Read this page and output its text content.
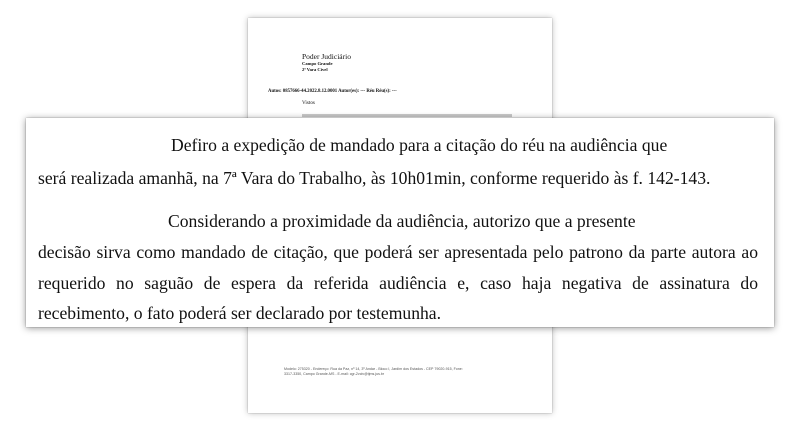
Poder Judiciário
Campo Grande
2ª Vara Cível
Autos: 0857666-44.2022.8.12.0001 Autor(es): --- Réu Réu(s): ---
Vistos
Modelo: 275320 - Endereço: Rua da Paz, nº 14, 3º Andar - Bloco I, Jardim dos Estados - CEP 79020-915, Fone:
3317-3350, Campo Grande-MS - E-mail: cgr-2vciv@tjms.jus.br
Defiro a expedição de mandado para a citação do réu na audiência que
será realizada amanhã, na 7ª Vara do Trabalho, às 10h01min, conforme requerido às f. 142-143.
Considerando a proximidade da audiência, autorizo que a presente
decisão sirva como mandado de citação, que poderá ser apresentada pelo patrono da parte autora ao
requerido no saguão de espera da referida audiência e, caso haja negativa de assinatura do
recebimento, o fato poderá ser declarado por testemunha.
